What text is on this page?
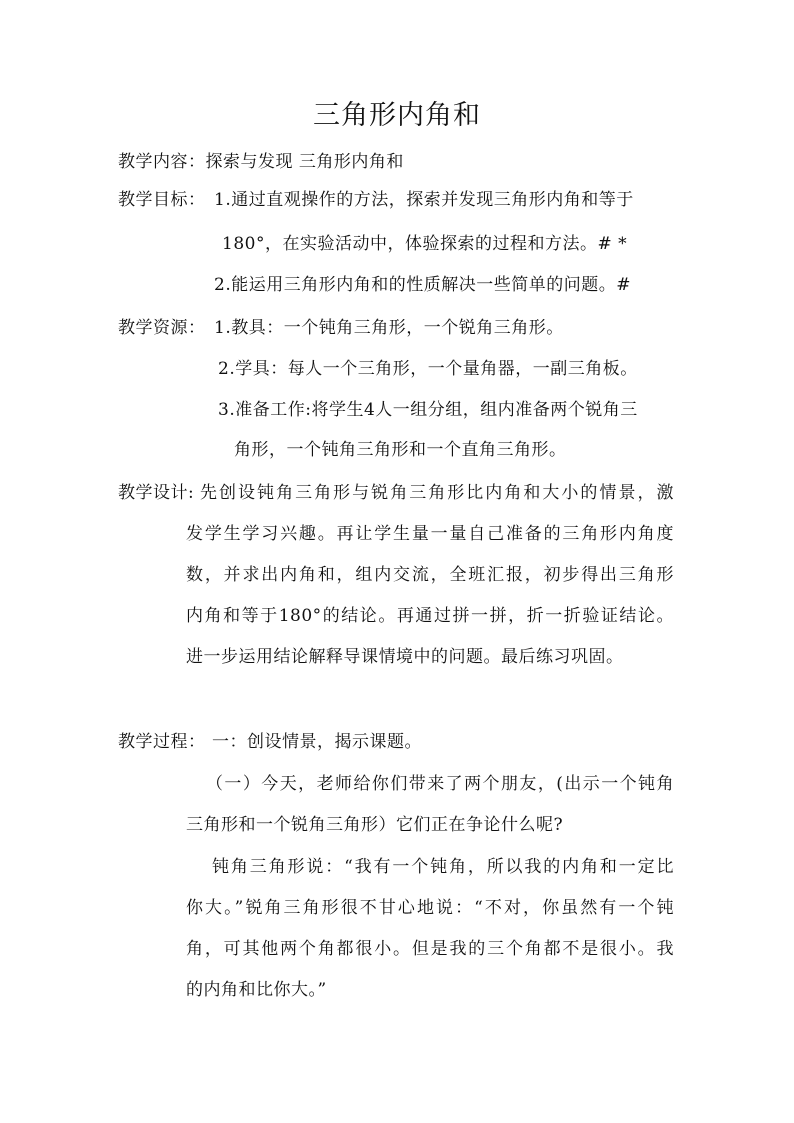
三角形内角和
教学内容：探索与发现 三角形内角和
教学目标： 1.通过直观操作的方法，探索并发现三角形内角和等于
180°，在实验活动中，体验探索的过程和方法。# *
2.能运用三角形内角和的性质解决一些简单的问题。#
教学资源： 1.教具：一个钝角三角形，一个锐角三角形。
2.学具：每人一个三角形，一个量角器，一副三角板。
3.准备工作:将学生4人一组分组，组内准备两个锐角三
角形，一个钝角三角形和一个直角三角形。
教学设计: 先创设钝角三角形与锐角三角形比内角和大小的情景，激
发学生学习兴趣。再让学生量一量自己准备的三角形内角度
数，并求出内角和，组内交流，全班汇报，初步得出三角形
内角和等于180°的结论。再通过拼一拼，折一折验证结论。
进一步运用结论解释导课情境中的问题。最后练习巩固。
教学过程： 一：创设情景，揭示课题。
（一）今天，老师给你们带来了两个朋友，(出示一个钝角
三角形和一个锐角三角形）它们正在争论什么呢?
钝角三角形说：“我有一个钝角，所以我的内角和一定比
你大。”锐角三角形很不甘心地说：“不对，你虽然有一个钝
角，可其他两个角都很小。但是我的三个角都不是很小。我
的内角和比你大。”
